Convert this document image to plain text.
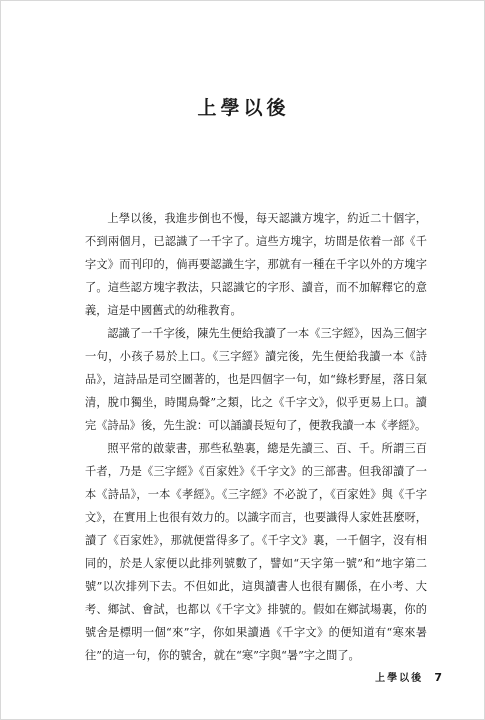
上學以後

上學以後，我進步倒也不慢，每天認識方塊字，約近二十個字，不到兩個月，已認識了一千字了。這些方塊字，坊間是依着一部《千字文》而刊印的，倘再要認識生字，那就有一種在千字以外的方塊字了。這些認方塊字教法，只認識它的字形、讀音，而不加解釋它的意義，這是中國舊式的幼稚教育。

認識了一千字後，陳先生便給我讀了一本《三字經》，因為三個字一句，小孩子易於上口。《三字經》讀完後，先生便給我讀一本《詩品》，這詩品是司空圖著的，也是四個字一句，如“綠杉野屋，落日氣清，脫巾獨坐，時聞鳥聲”之類，比之《千字文》，似乎更易上口。讀完《詩品》後，先生說：可以誦讀長短句了，便教我讀一本《孝經》。

照平常的啟蒙書，那些私塾裏，總是先讀三、百、千。所謂三百千者，乃是《三字經》《百家姓》《千字文》的三部書。但我卻讀了一本《詩品》，一本《孝經》。《三字經》不必說了，《百家姓》與《千字文》，在實用上也很有效力的。以識字而言，也要識得人家姓甚麼呀，讀了《百家姓》，那就便當得多了。《千字文》裏，一千個字，沒有相同的，於是人家便以此排列號數了，譬如“天字第一號”和“地字第二號”以次排列下去。不但如此，這與讀書人也很有關係，在小考、大考、鄉試、會試，也都以《千字文》排號的。假如在鄉試場裏，你的號舍是標明一個“來”字，你如果讀過《千字文》的便知道有“寒來暑往”的這一句，你的號舍，就在“寒”字與“暑”字之間了。

上學以後 7
